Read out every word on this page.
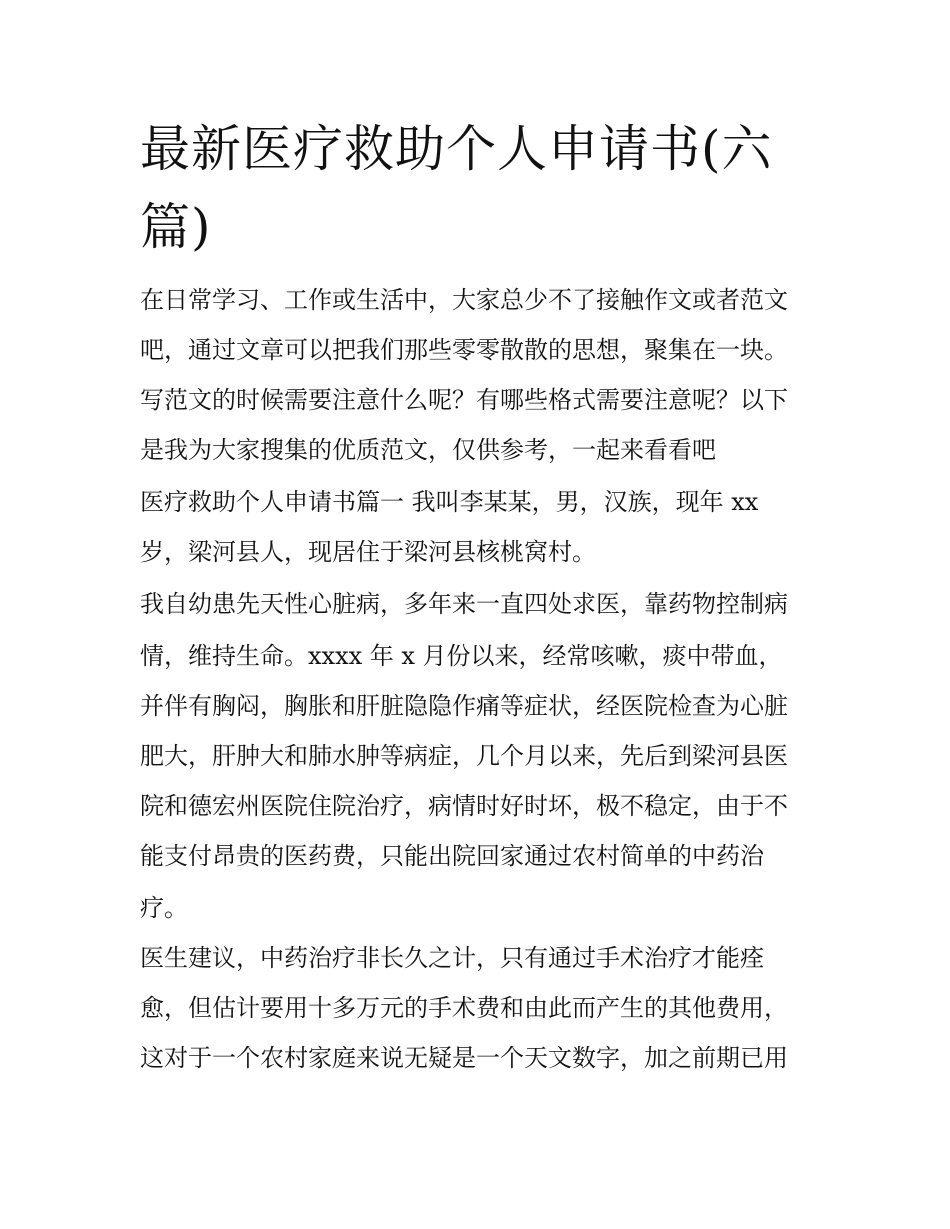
最新医疗救助个人申请书(六篇)

在日常学习、工作或生活中，大家总少不了接触作文或者范文

吧，通过文章可以把我们那些零零散散的思想，聚集在一块。

写范文的时候需要注意什么呢？有哪些格式需要注意呢？以下

是我为大家搜集的优质范文，仅供参考，一起来看看吧

医疗救助个人申请书篇一 我叫李某某，男，汉族，现年 xx

岁，梁河县人，现居住于梁河县核桃窝村。

我自幼患先天性心脏病，多年来一直四处求医，靠药物控制病

情，维持生命。xxxx 年 x 月份以来，经常咳嗽，痰中带血，

并伴有胸闷，胸胀和肝脏隐隐作痛等症状，经医院检查为心脏

肥大，肝肿大和肺水肿等病症，几个月以来，先后到梁河县医

院和德宏州医院住院治疗，病情时好时坏，极不稳定，由于不

能支付昂贵的医药费，只能出院回家通过农村简单的中药治

疗。

医生建议，中药治疗非长久之计，只有通过手术治疗才能痊

愈，但估计要用十多万元的手术费和由此而产生的其他费用，

这对于一个农村家庭来说无疑是一个天文数字，加之前期已用
